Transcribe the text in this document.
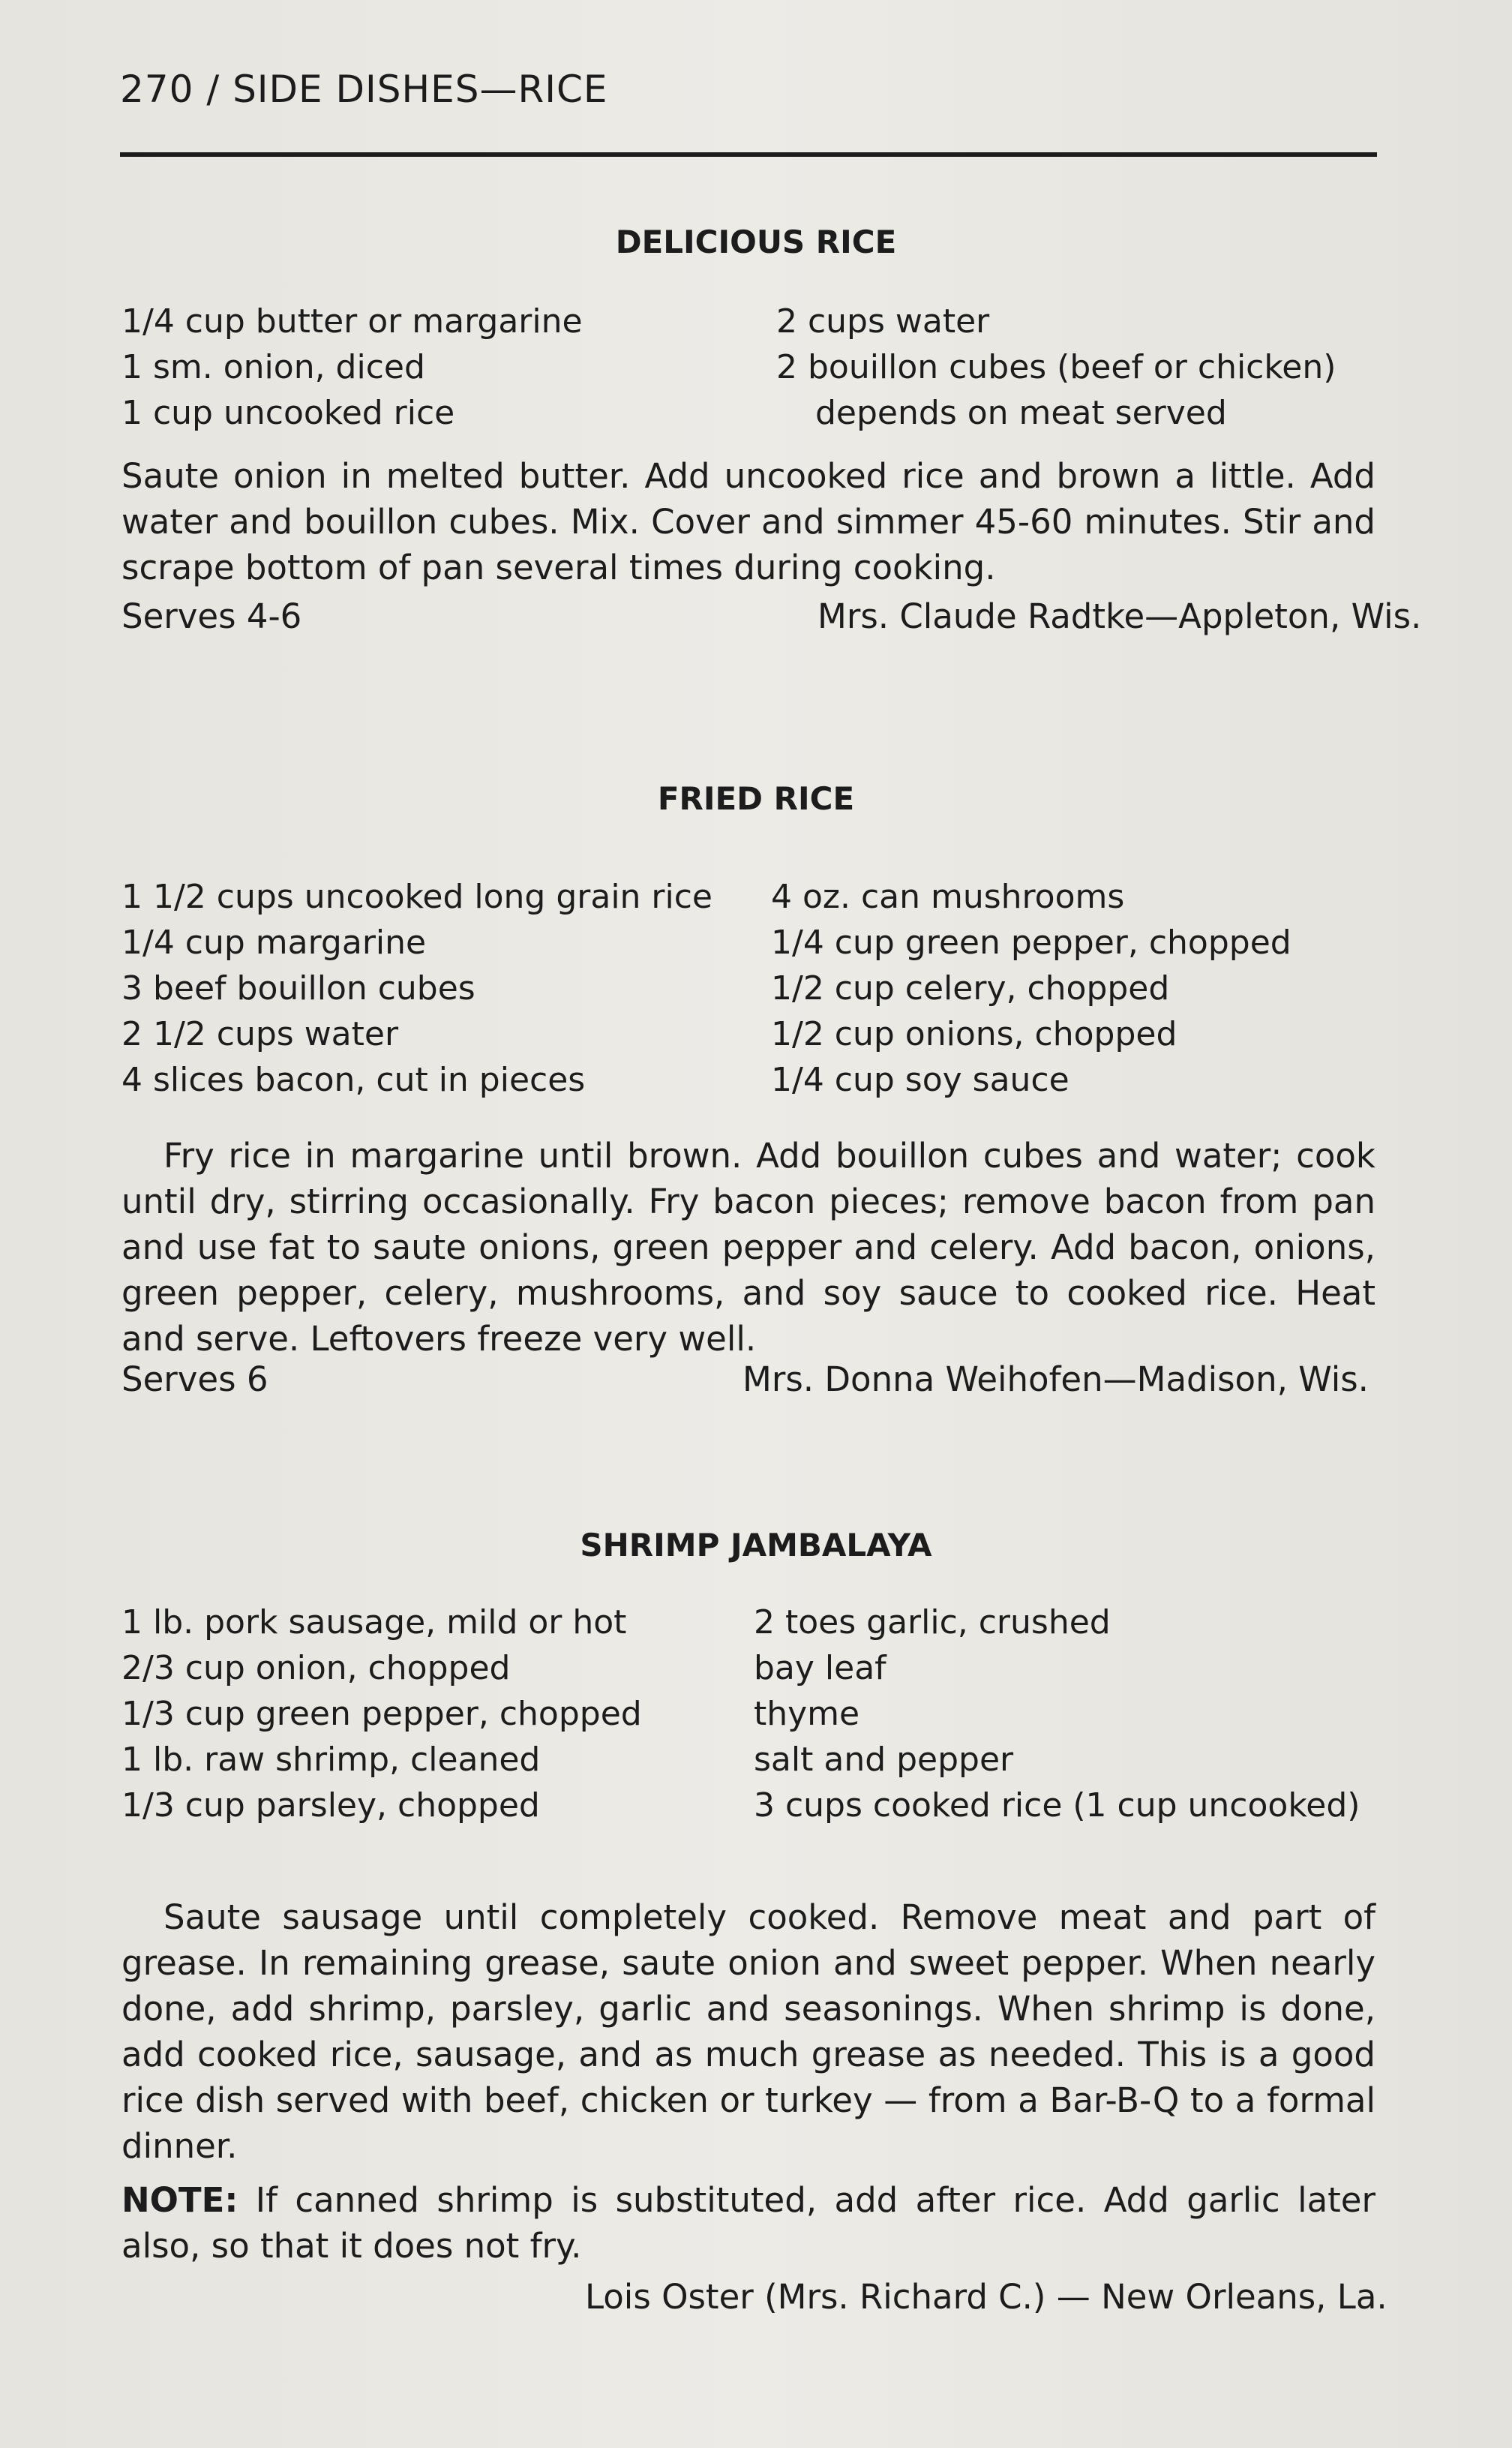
270 / SIDE DISHES—RICE
DELICIOUS RICE
1/4 cup butter or margarine
1 sm. onion, diced
1 cup uncooked rice
2 cups water
2 bouillon cubes (beef or chicken)
depends on meat served
Saute onion in melted butter. Add uncooked rice and brown a little. Add water and bouillon cubes. Mix. Cover and simmer 45-60 minutes. Stir and scrape bottom of pan several times during cooking.
Serves 4-6	Mrs. Claude Radtke—Appleton, Wis.
FRIED RICE
1 1/2 cups uncooked long grain rice
1/4 cup margarine
3 beef bouillon cubes
2 1/2 cups water
4 slices bacon, cut in pieces
4 oz. can mushrooms
1/4 cup green pepper, chopped
1/2 cup celery, chopped
1/2 cup onions, chopped
1/4 cup soy sauce
Fry rice in margarine until brown. Add bouillon cubes and water; cook until dry, stirring occasionally. Fry bacon pieces; remove bacon from pan and use fat to saute onions, green pepper and celery. Add bacon, onions, green pepper, celery, mushrooms, and soy sauce to cooked rice. Heat and serve. Leftovers freeze very well.
Serves 6	Mrs. Donna Weihofen—Madison, Wis.
SHRIMP JAMBALAYA
1 lb. pork sausage, mild or hot
2/3 cup onion, chopped
1/3 cup green pepper, chopped
1 lb. raw shrimp, cleaned
1/3 cup parsley, chopped
2 toes garlic, crushed
bay leaf
thyme
salt and pepper
3 cups cooked rice (1 cup uncooked)
Saute sausage until completely cooked. Remove meat and part of grease. In remaining grease, saute onion and sweet pepper. When nearly done, add shrimp, parsley, garlic and seasonings. When shrimp is done, add cooked rice, sausage, and as much grease as needed. This is a good rice dish served with beef, chicken or turkey — from a Bar-B-Q to a formal dinner.
NOTE: If canned shrimp is substituted, add after rice. Add garlic later also, so that it does not fry.
Lois Oster (Mrs. Richard C.) — New Orleans, La.
